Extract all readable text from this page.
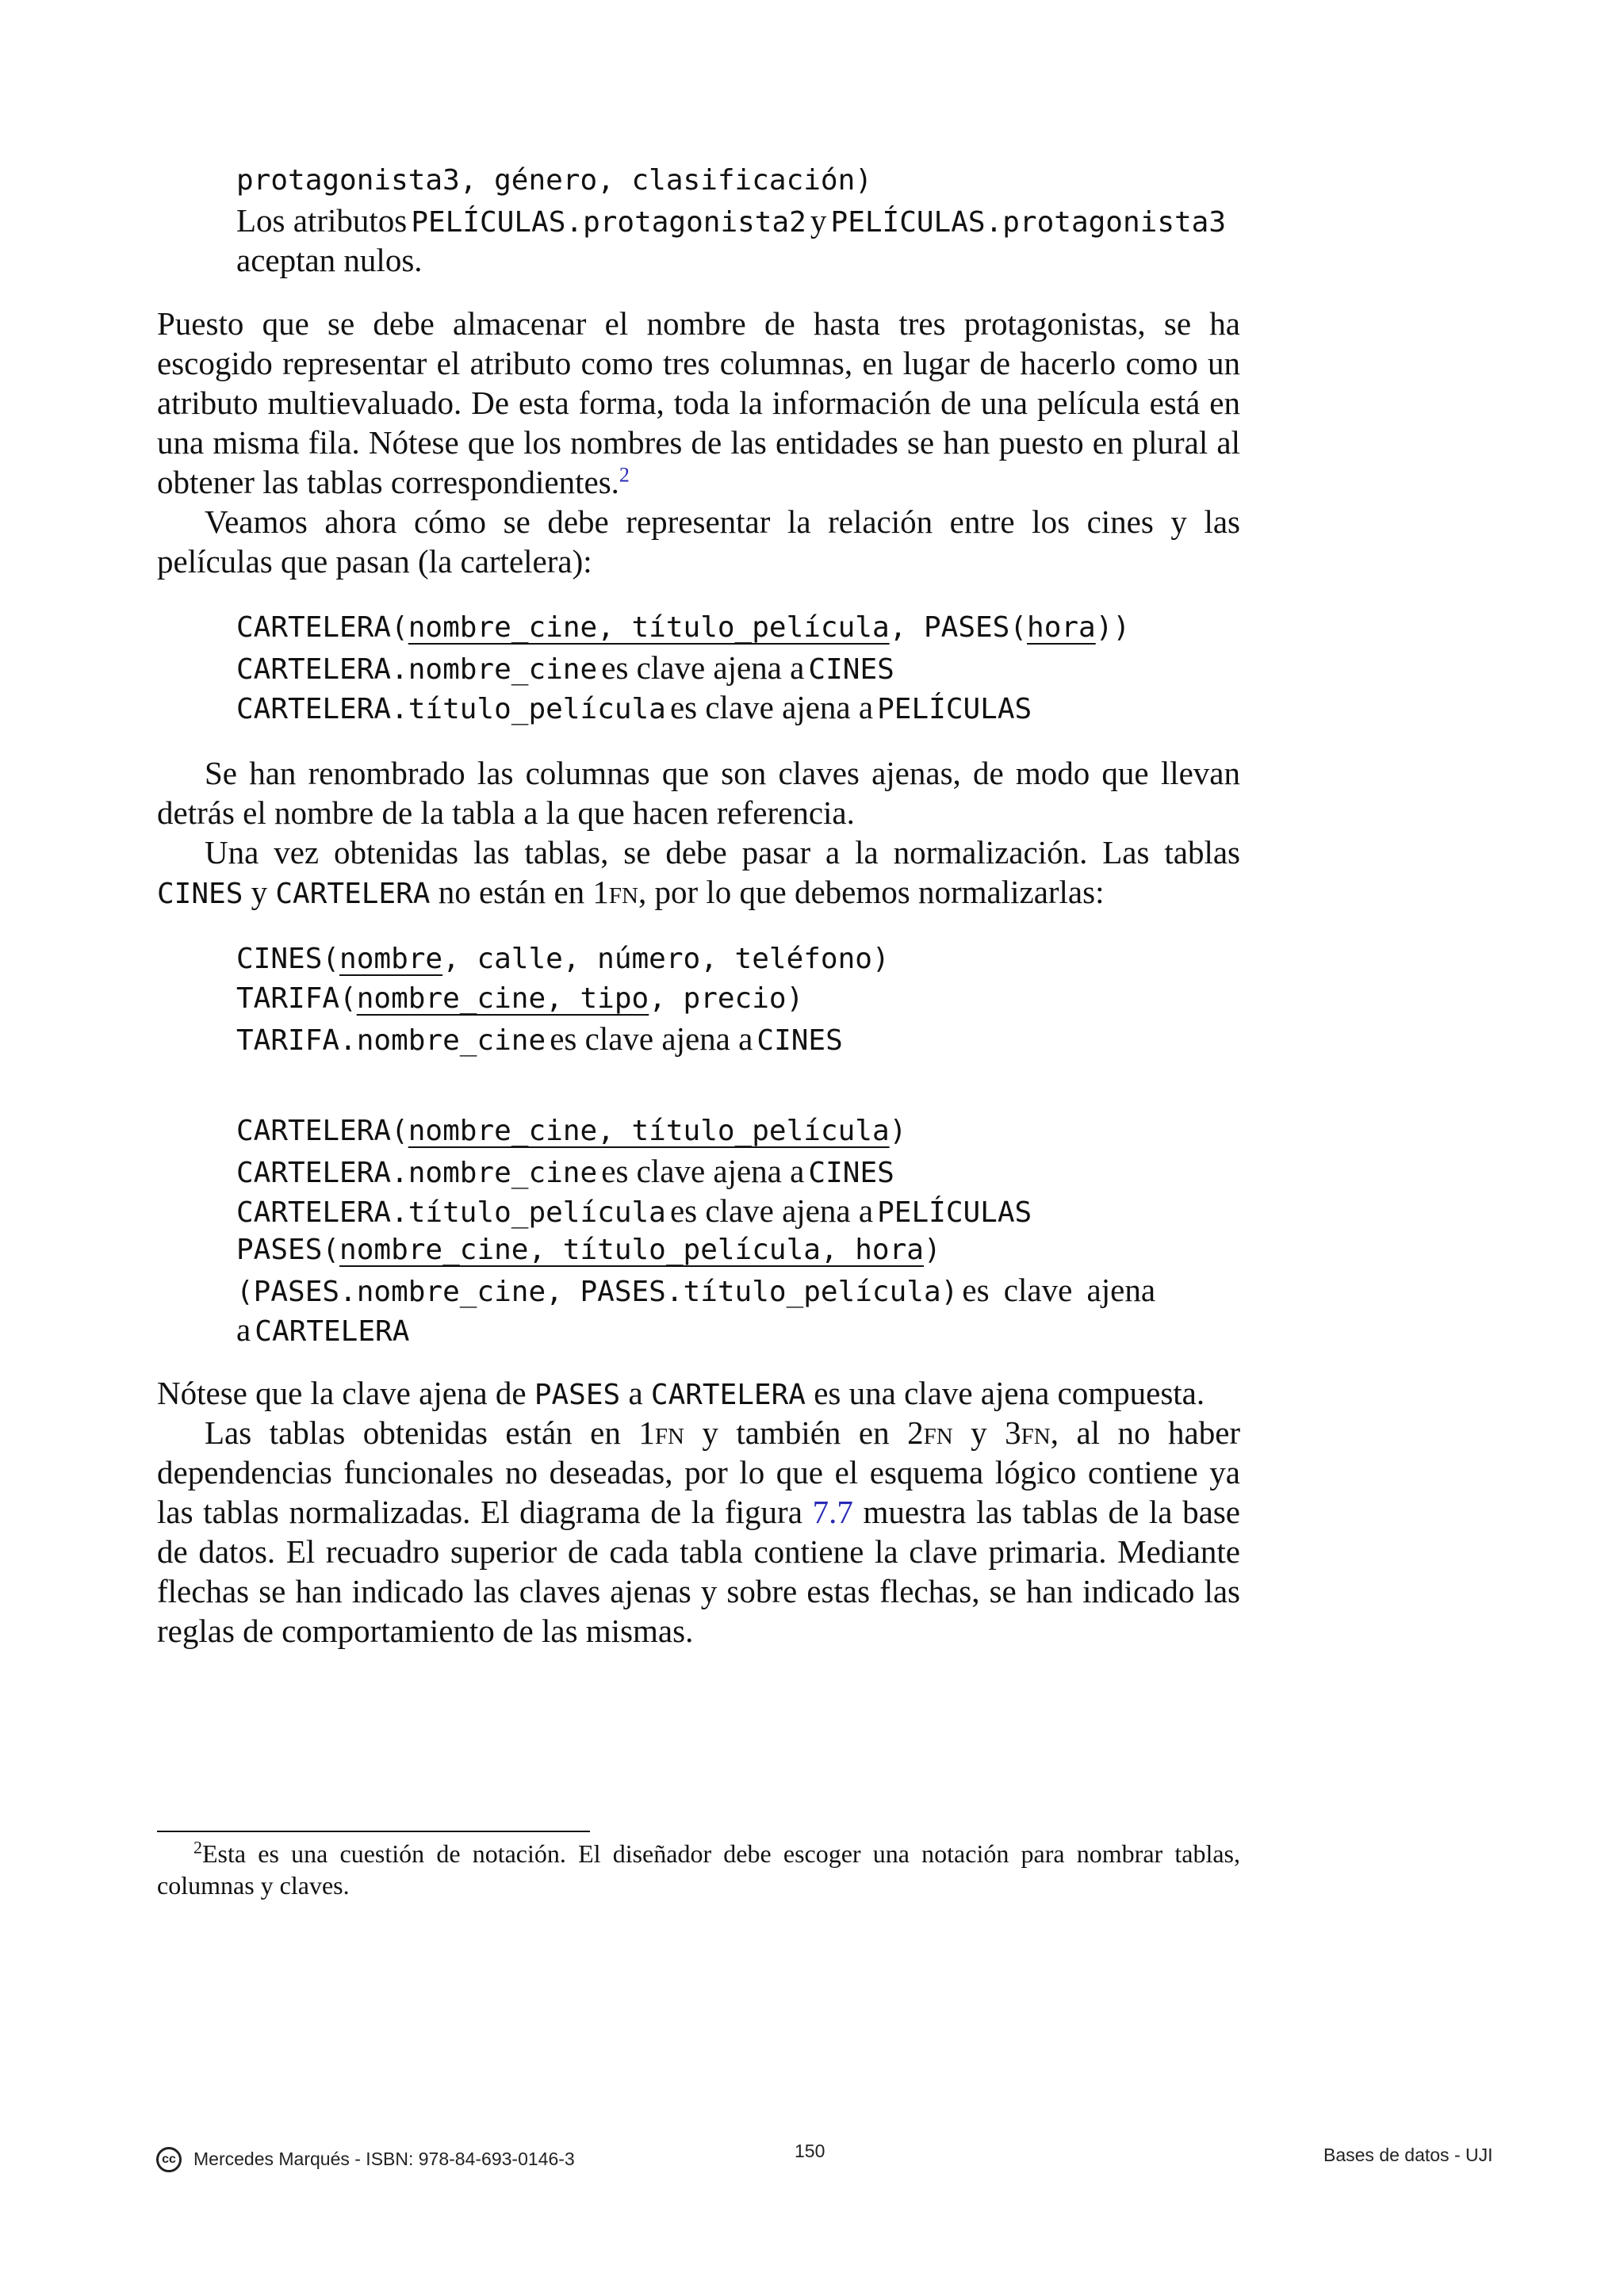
protagonista3, género, clasificación)
Los atributos PELÍCULAS.protagonista2 y PELÍCULAS.protagonista3
aceptan nulos.
Puesto que se debe almacenar el nombre de hasta tres protagonistas, se ha escogido representar el atributo como tres columnas, en lugar de hacerlo como un atributo multievaluado. De esta forma, toda la información de una película está en una misma fila. Nótese que los nombres de las entidades se han puesto en plural al obtener las tablas correspondientes.$^2$
Veamos ahora cómo se debe representar la relación entre los cines y las películas que pasan (la cartelera):
CARTELERA(nombre_cine, título_película, PASES(hora))
CARTELERA.nombre_cine es clave ajena a CINES
CARTELERA.título_película es clave ajena a PELÍCULAS
Se han renombrado las columnas que son claves ajenas, de modo que llevan detrás el nombre de la tabla a la que hacen referencia.
Una vez obtenidas las tablas, se debe pasar a la normalización. Las tablas CINES y CARTELERA no están en 1fn, por lo que debemos normalizarlas:
CINES(nombre, calle, número, teléfono)
TARIFA(nombre_cine, tipo, precio)
TARIFA.nombre_cine es clave ajena a CINES
CARTELERA(nombre_cine, título_película)
CARTELERA.nombre_cine es clave ajena a CINES
CARTELERA.título_película es clave ajena a PELÍCULAS
PASES(nombre_cine, título_película, hora)
(PASES.nombre_cine, PASES.título_película) es clave ajena
a CARTELERA
Nótese que la clave ajena de PASES a CARTELERA es una clave ajena compuesta.
Las tablas obtenidas están en 1fn y también en 2fn y 3fn, al no haber dependencias funcionales no deseadas, por lo que el esquema lógico contiene ya las tablas normalizadas. El diagrama de la figura 7.7 muestra las tablas de la base de datos. El recuadro superior de cada tabla contiene la clave primaria. Mediante flechas se han indicado las claves ajenas y sobre estas flechas, se han indicado las reglas de comportamiento de las mismas.
$^2$Esta es una cuestión de notación. El diseñador debe escoger una notación para nombrar tablas, columnas y claves.
cc Mercedes Marqués - ISBN: 978-84-693-0146-3	150	Bases de datos - UJI
